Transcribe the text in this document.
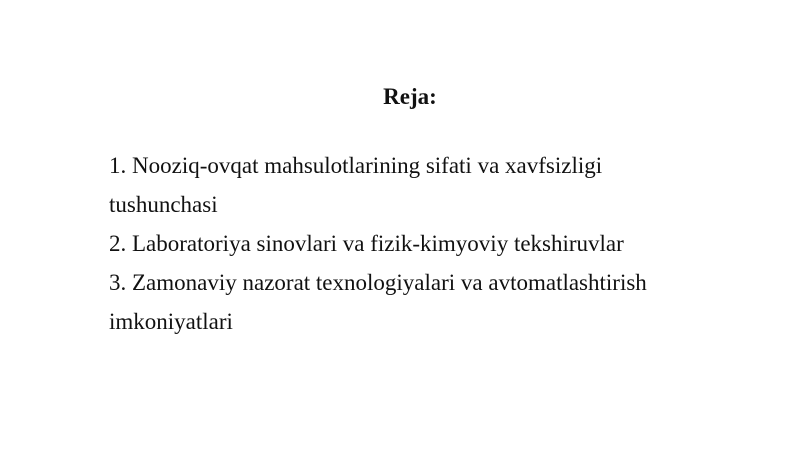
Reja:
1. Nooziq-ovqat mahsulotlarining sifati va xavfsizligi tushunchasi
2. Laboratoriya sinovlari va fizik-kimyoviy tekshiruvlar
3. Zamonaviy nazorat texnologiyalari va avtomatlashtirish imkoniyatlari
